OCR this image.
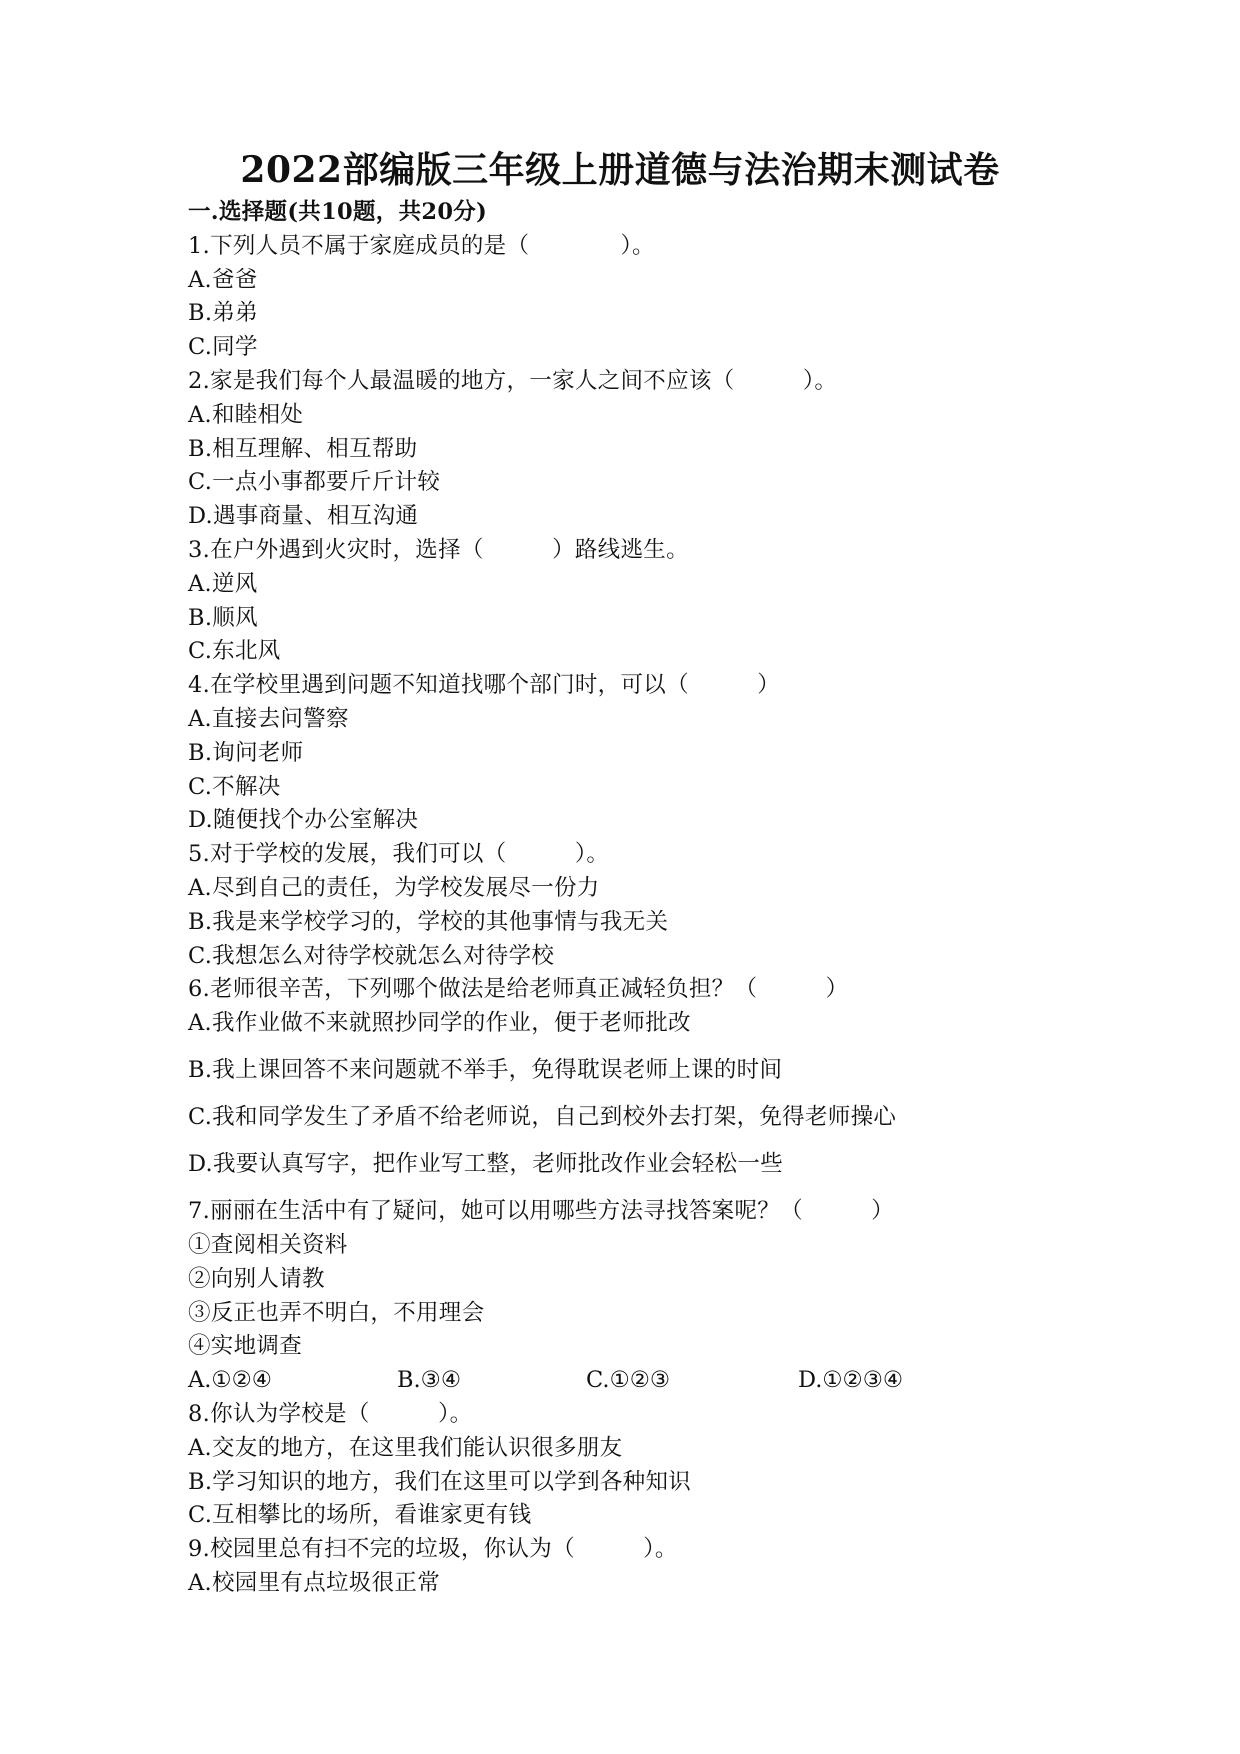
2022部编版三年级上册道德与法治期末测试卷
一.选择题(共10题，共20分)
1.下列人员不属于家庭成员的是（　　　　）。
A.爸爸
B.弟弟
C.同学
2.家是我们每个人最温暖的地方，一家人之间不应该（　　　）。
A.和睦相处
B.相互理解、相互帮助
C.一点小事都要斤斤计较
D.遇事商量、相互沟通
3.在户外遇到火灾时，选择（　　　）路线逃生。
A.逆风
B.顺风
C.东北风
4.在学校里遇到问题不知道找哪个部门时，可以（　　　）
A.直接去问警察
B.询问老师
C.不解决
D.随便找个办公室解决
5.对于学校的发展，我们可以（　　　）。
A.尽到自己的责任，为学校发展尽一份力
B.我是来学校学习的，学校的其他事情与我无关
C.我想怎么对待学校就怎么对待学校
6.老师很辛苦，下列哪个做法是给老师真正减轻负担？（　　　）
A.我作业做不来就照抄同学的作业，便于老师批改
B.我上课回答不来问题就不举手，免得耽误老师上课的时间
C.我和同学发生了矛盾不给老师说，自己到校外去打架，免得老师操心
D.我要认真写字，把作业写工整，老师批改作业会轻松一些
7.丽丽在生活中有了疑问，她可以用哪些方法寻找答案呢？（　　　）
①查阅相关资料
②向别人请教
③反正也弄不明白，不用理会
④实地调查
A.①②④	B.③④	C.①②③	D.①②③④
8.你认为学校是（　　　）。
A.交友的地方，在这里我们能认识很多朋友
B.学习知识的地方，我们在这里可以学到各种知识
C.互相攀比的场所，看谁家更有钱
9.校园里总有扫不完的垃圾，你认为（　　　）。
A.校园里有点垃圾很正常
